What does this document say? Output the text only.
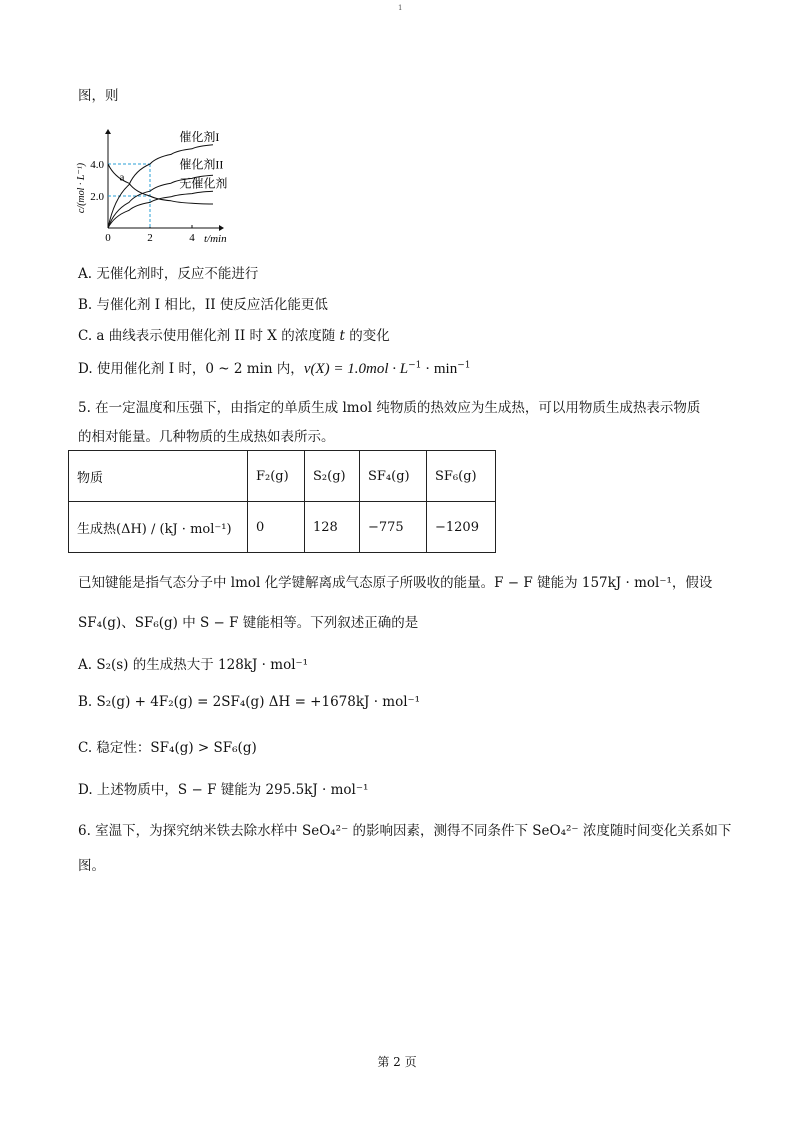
1
图，则
4.0
2.0
0	2	4 t/min
c/(mol · L⁻¹)
催化剂I
催化剂II
无催化剂
a
A. 无催化剂时，反应不能进行
B. 与催化剂 I 相比，II 使反应活化能更低
C. a 曲线表示使用催化剂 II 时 X 的浓度随 t 的变化
D. 使用催化剂 I 时，0 ~ 2 min 内，$v(X) = 1.0mol \cdot L^{-1} \cdot \min^{-1}$
5. 在一定温度和压强下，由指定的单质生成 lmol 纯物质的热效应为生成热，可以用物质生成热表示物质
的相对能量。几种物质的生成热如表所示。
物质	F₂(g)	S₂(g)	SF₄(g)	SF₆(g)
生成热(ΔH) / (kJ · mol⁻¹)	0	128	−775	−1209
已知键能是指气态分子中 lmol 化学键解离成气态原子所吸收的能量。F − F 键能为 157kJ · mol⁻¹，假设
SF₄(g)、SF₆(g) 中 S − F 键能相等。下列叙述正确的是
A. S₂(s) 的生成热大于 128kJ · mol⁻¹
B. S₂(g) + 4F₂(g) = 2SF₄(g) ΔH = +1678kJ · mol⁻¹
C. 稳定性：SF₄(g) > SF₆(g)
D. 上述物质中，S − F 键能为 295.5kJ · mol⁻¹
6. 室温下，为探究纳米铁去除水样中 SeO₄²⁻ 的影响因素，测得不同条件下 SeO₄²⁻ 浓度随时间变化关系如下
图。
第 2 页
